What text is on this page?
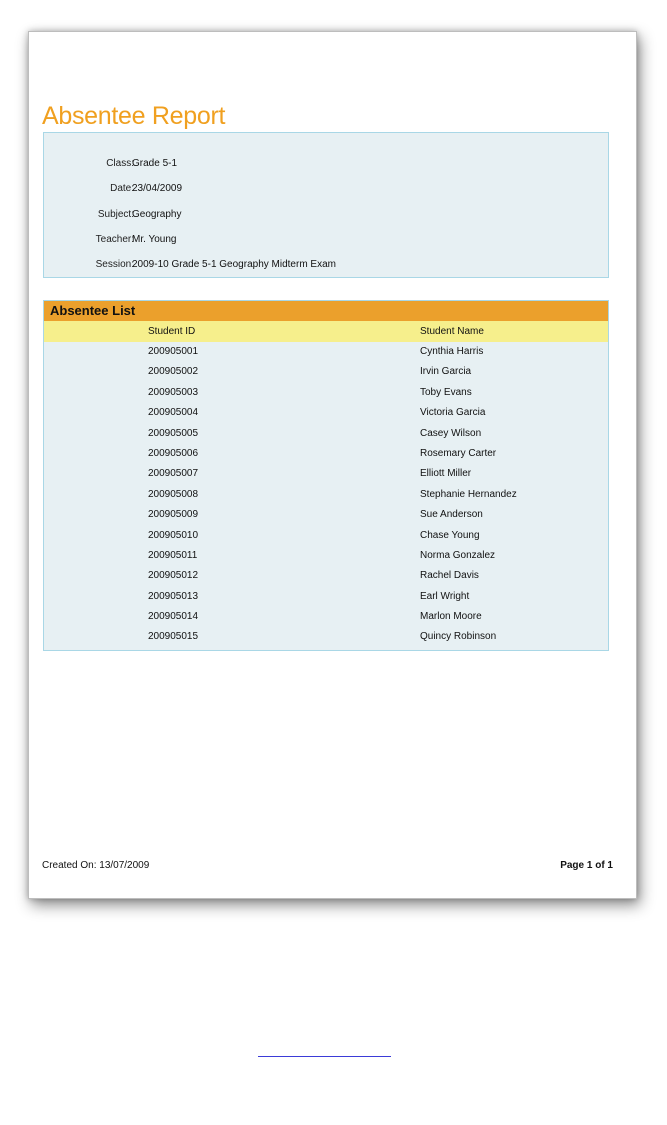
Absentee Report
Class:
Grade 5-1
Date:
23/04/2009
Subject:
Geography
Teacher:
Mr. Young
Session:
2009-10 Grade 5-1 Geography Midterm Exam
Absentee List
Student ID	Student Name
200905001	Cynthia Harris
200905002	Irvin Garcia
200905003	Toby Evans
200905004	Victoria Garcia
200905005	Casey Wilson
200905006	Rosemary Carter
200905007	Elliott Miller
200905008	Stephanie Hernandez
200905009	Sue Anderson
200905010	Chase Young
200905011	Norma Gonzalez
200905012	Rachel Davis
200905013	Earl Wright
200905014	Marlon Moore
200905015	Quincy Robinson
Created On: 13/07/2009	Page 1 of 1
